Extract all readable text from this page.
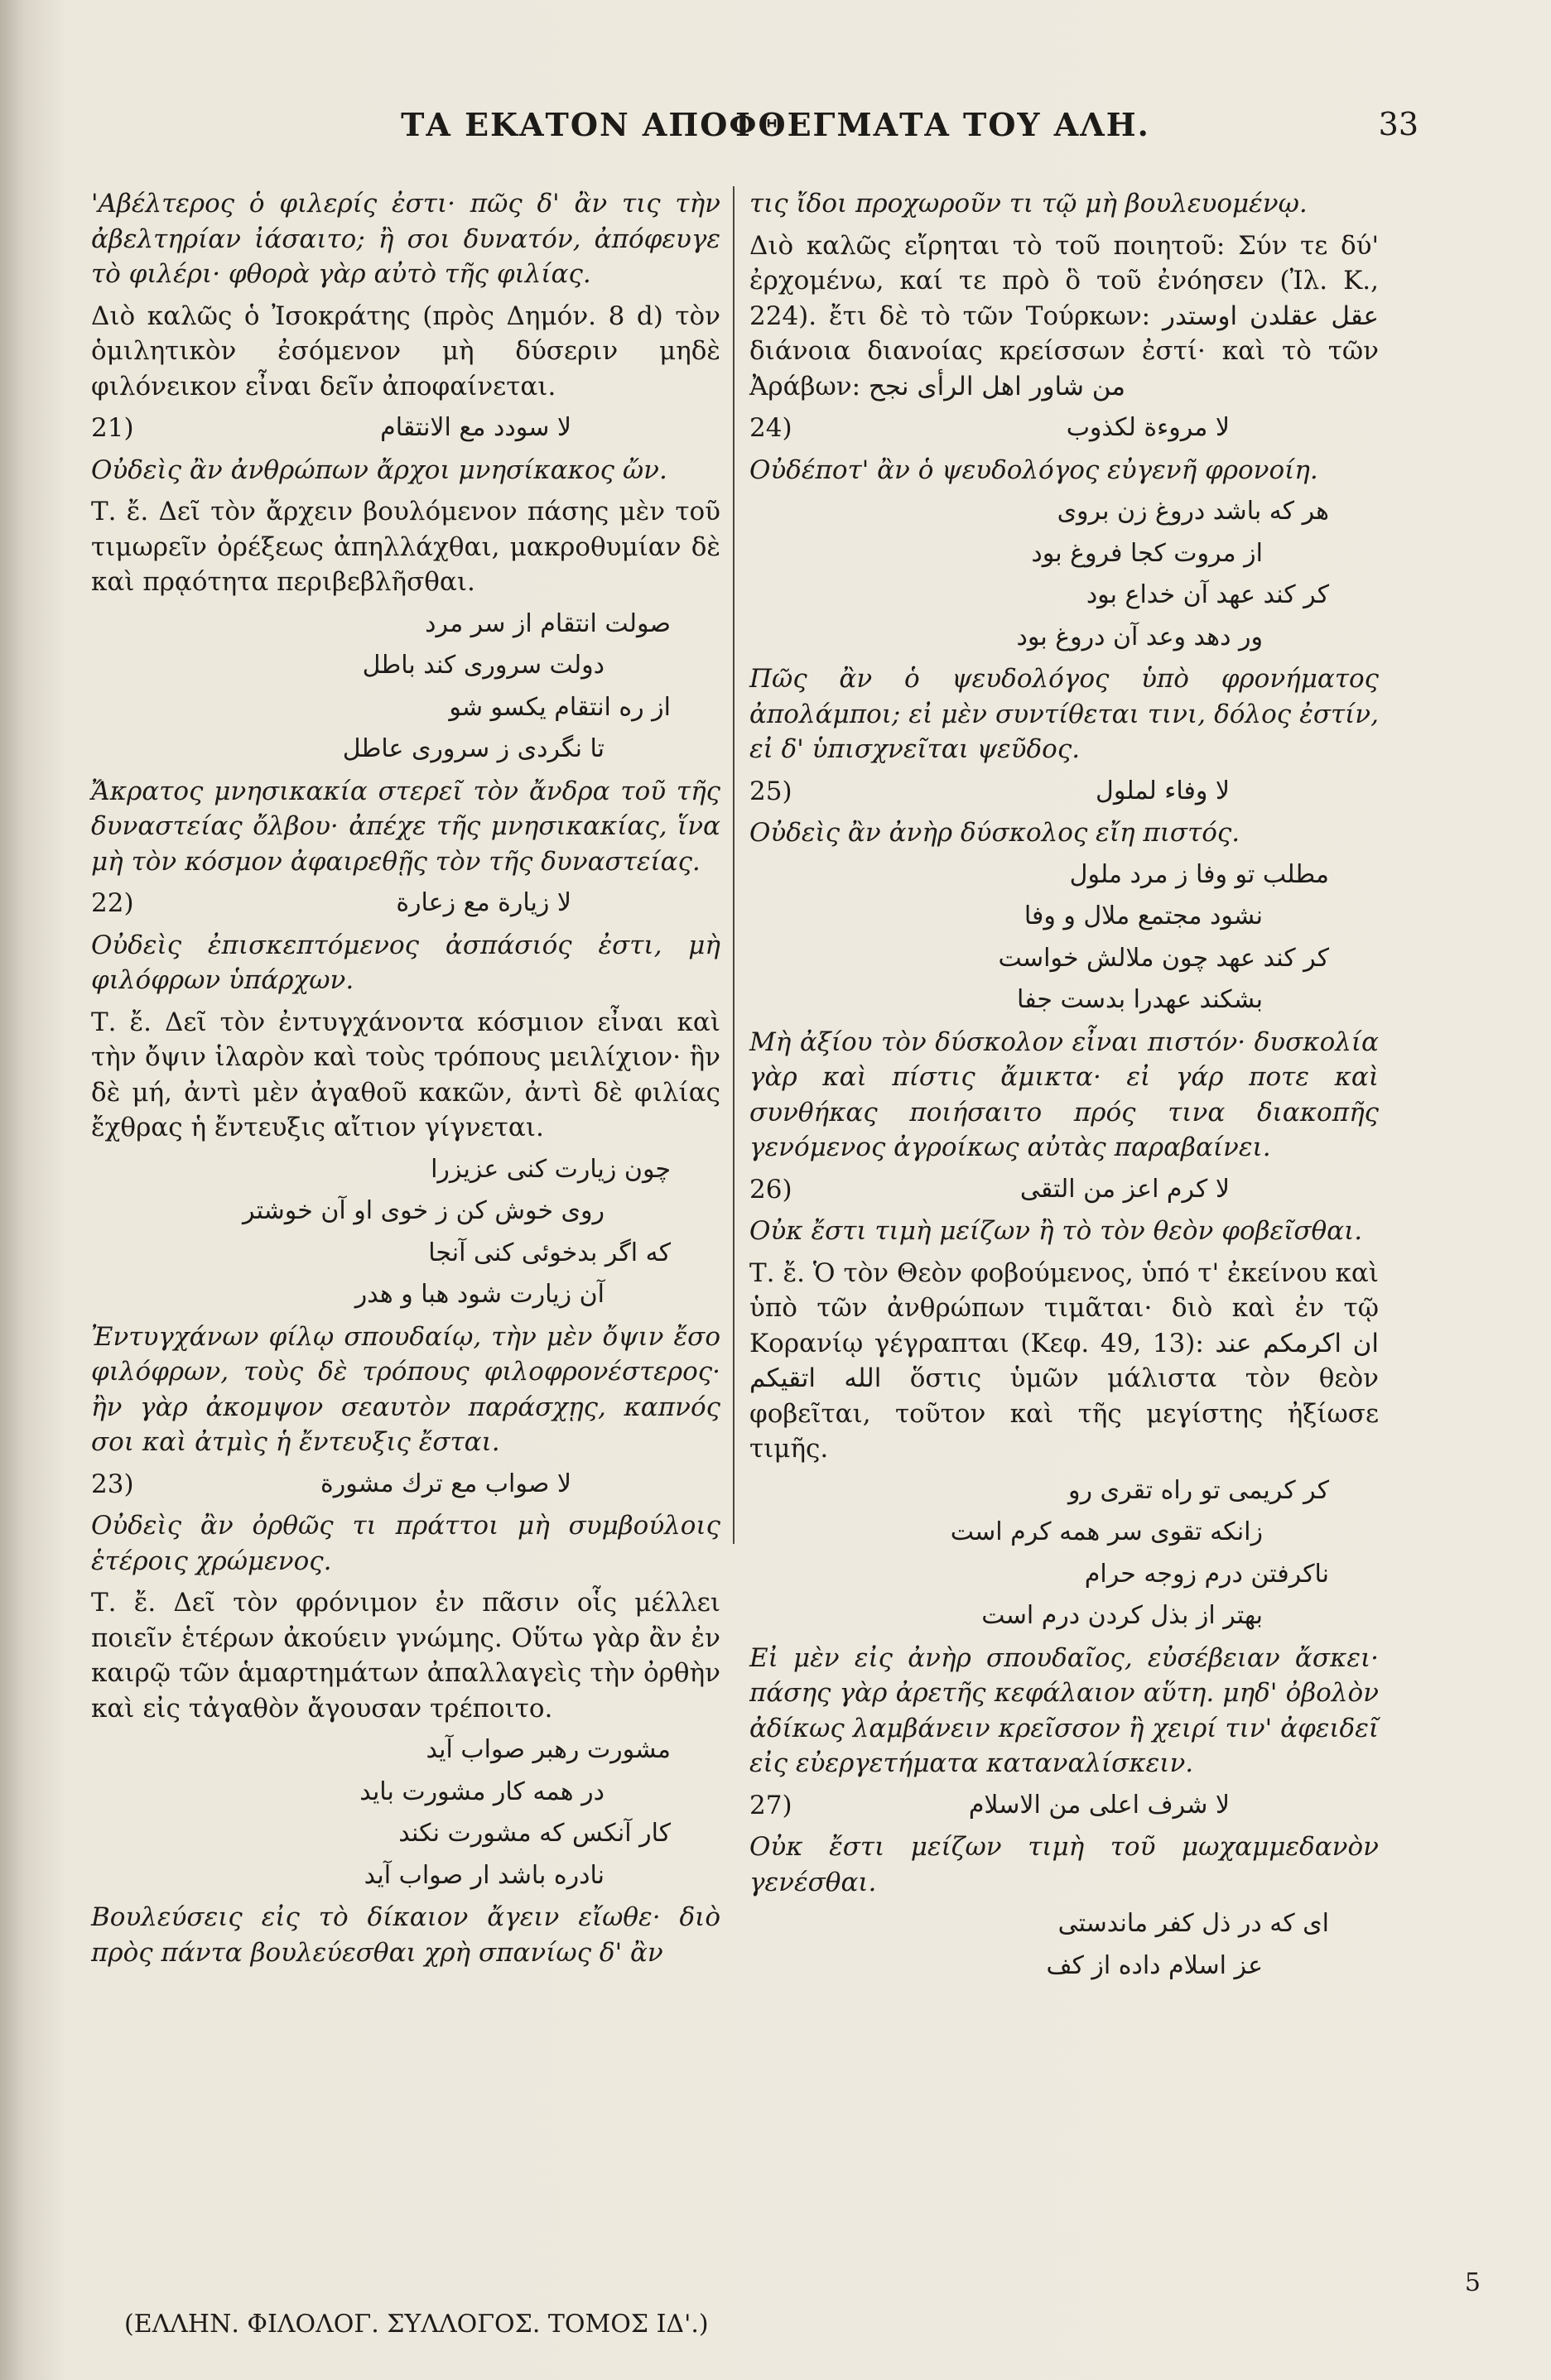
ΤΑ ΕΚΑΤΟΝ ΑΠΟΦΘΕΓΜΑΤΑ ΤΟΥ ΑΛΗ.	33

'Αβέλτερος ὁ φιλερίς ἐστι· πῶς δ' ἂν τις τὴν ἀβελτηρίαν ἰάσαιτο; ἢ σοι δυνατόν, ἀπόφευγε τὸ φιλέρι· φθορὰ γὰρ αὐτὸ τῆς φιλίας.

Διὸ καλῶς ὁ Ἰσοκράτης (πρὸς Δημόν. 8 d) τὸν ὁμιλητικὸν ἐσόμενον μὴ δύσεριν μηδὲ φιλόνεικον εἶναι δεῖν ἀποφαίνεται.

21)	لا سودد مع الانتقام

Οὐδεὶς ἂν ἀνθρώπων ἄρχοι μνησίκακος ὤν.

Τ. ἔ. Δεῖ τὸν ἄρχειν βουλόμενον πάσης μὲν τοῦ τιμωρεῖν ὀρέξεως ἀπηλλάχθαι, μακροθυμίαν δὲ καὶ πρᾳότητα περιβεβλῆσθαι.

صولت انتقام از سر مرد

دولت سروری کند باطل

از ره انتقام یکسو شو

تا نگردی ز سروری عاطل

Ἄκρατος μνησικακία στερεῖ τὸν ἄνδρα τοῦ τῆς δυναστείας ὄλβου· ἀπέχε τῆς μνησικακίας, ἵνα μὴ τὸν κόσμον ἀφαιρεθῇς τὸν τῆς δυναστείας.

22)	لا زيارة مع زعارة

Οὐδεὶς ἐπισκεπτόμενος ἀσπάσιός ἐστι, μὴ φιλόφρων ὑπάρχων.

Τ. ἔ. Δεῖ τὸν ἐντυγχάνοντα κόσμιον εἶναι καὶ τὴν ὄψιν ἱλαρὸν καὶ τοὺς τρόπους μειλίχιον· ἣν δὲ μή, ἀντὶ μὲν ἀγαθοῦ κακῶν, ἀντὶ δὲ φιλίας ἔχθρας ἡ ἔντευξις αἴτιον γίγνεται.

چون زیارت کنی عزیزرا

روی خوش کن ز خوی او آن خوشتر

که اگر بدخوئی کنی آنجا

آن زیارت شود هبا و هدر

Ἐντυγχάνων φίλῳ σπουδαίῳ, τὴν μὲν ὄψιν ἔσο φιλόφρων, τοὺς δὲ τρόπους φιλοφρονέστερος· ἢν γὰρ ἀκομψον σεαυτὸν παράσχῃς, καπνός σοι καὶ ἀτμὶς ἡ ἔντευξις ἔσται.

23)	لا صواب مع ترك مشورة

Οὐδεὶς ἂν ὀρθῶς τι πράττοι μὴ συμβούλοις ἑτέροις χρώμενος.

Τ. ἔ. Δεῖ τὸν φρόνιμον ἐν πᾶσιν οἷς μέλλει ποιεῖν ἑτέρων ἀκούειν γνώμης. Οὕτω γὰρ ἂν ἐν καιρῷ τῶν ἁμαρτημάτων ἀπαλλαγεὶς τὴν ὀρθὴν καὶ εἰς τἀγαθὸν ἄγουσαν τρέποιτο.

مشورت رهبر صواب آید

در همه کار مشورت باید

کار آنکس که مشورت نکند

نادره باشد ار صواب آید

Βουλεύσεις εἰς τὸ δίκαιον ἄγειν εἴωθε· διὸ πρὸς πάντα βουλεύεσθαι χρὴ σπανίως δ' ἂν

τις ἴδοι προχωροῦν τι τῷ μὴ βουλευομένῳ.

Διὸ καλῶς εἴρηται τὸ τοῦ ποιητοῦ: Σύν τε δύ' ἐρχομένω, καί τε πρὸ ὃ τοῦ ἐνόησεν (Ἰλ. Κ., 224). ἔτι δὲ τὸ τῶν Τούρκων: عقل عقلدن اوستدر διάνοια διανοίας κρείσσων ἐστί· καὶ τὸ τῶν Ἀράβων: من شاور اهل الرأى نجح

24)	لا مروءة لكذوب

Οὐδέποτ' ἂν ὁ ψευδολόγος εὐγενῆ φρονοίη.

هر که باشد دروغ زن بروی

از مروت کجا فروغ بود

کر کند عهد آن خداع بود

ور دهد وعد آن دروغ بود

Πῶς ἂν ὁ ψευδολόγος ὑπὸ φρονήματος ἀπολάμποι; εἰ μὲν συντίθεται τινι, δόλος ἐστίν, εἰ δ' ὑπισχνεῖται ψεῦδος.

25)	لا وفاء لملول

Οὐδεὶς ἂν ἀνὴρ δύσκολος εἴη πιστός.

مطلب تو وفا ز مرد ملول

نشود مجتمع ملال و وفا

کر کند عهد چون ملالش خواست

بشکند عهدرا بدست جفا

Μὴ ἀξίου τὸν δύσκολον εἶναι πιστόν· δυσκολία γὰρ καὶ πίστις ἄμικτα· εἰ γάρ ποτε καὶ συνθήκας ποιήσαιτο πρός τινα διακοπῆς γενόμενος ἀγροίκως αὐτὰς παραβαίνει.

26)	لا كرم اعز من التقى

Οὐκ ἔστι τιμὴ μείζων ἢ τὸ τὸν θεὸν φοβεῖσθαι.

Τ. ἔ. Ὁ τὸν Θεὸν φοβούμενος, ὑπό τ' ἐκείνου καὶ ὑπὸ τῶν ἀνθρώπων τιμᾶται· διὸ καὶ ἐν τῷ Κορανίῳ γέγραπται (Κεφ. 49, 13): ان اكرمكم عند الله اتقيكم ὅστις ὑμῶν μάλιστα τὸν θεὸν φοβεῖται, τοῦτον καὶ τῆς μεγίστης ἠξίωσε τιμῆς.

کر کریمی تو راه تقری رو

زانکه تقوی سر همه کرم است

ناکرفتن درم زوجه حرام

بهتر از بذل کردن درم است

Εἰ μὲν εἰς ἀνὴρ σπουδαῖος, εὐσέβειαν ἄσκει· πάσης γὰρ ἀρετῆς κεφάλαιον αὕτη. μηδ' ὀβολὸν ἀδίκως λαμβάνειν κρεῖσσον ἢ χειρί τιν' ἀφειδεῖ εἰς εὐεργετήματα καταναλίσκειν.

27)	لا شرف اعلى من الاسلام

Οὐκ ἔστι μείζων τιμὴ τοῦ μωχαμμεδανὸν γενέσθαι.

ای که در ذل کفر ماندستی

عز اسلام داده از کف

5
(ΕΛΛΗΝ. ΦΙΛΟΛΟΓ. ΣΥΛΛΟΓΟΣ. ΤΟΜΟΣ ΙΔ'.)
